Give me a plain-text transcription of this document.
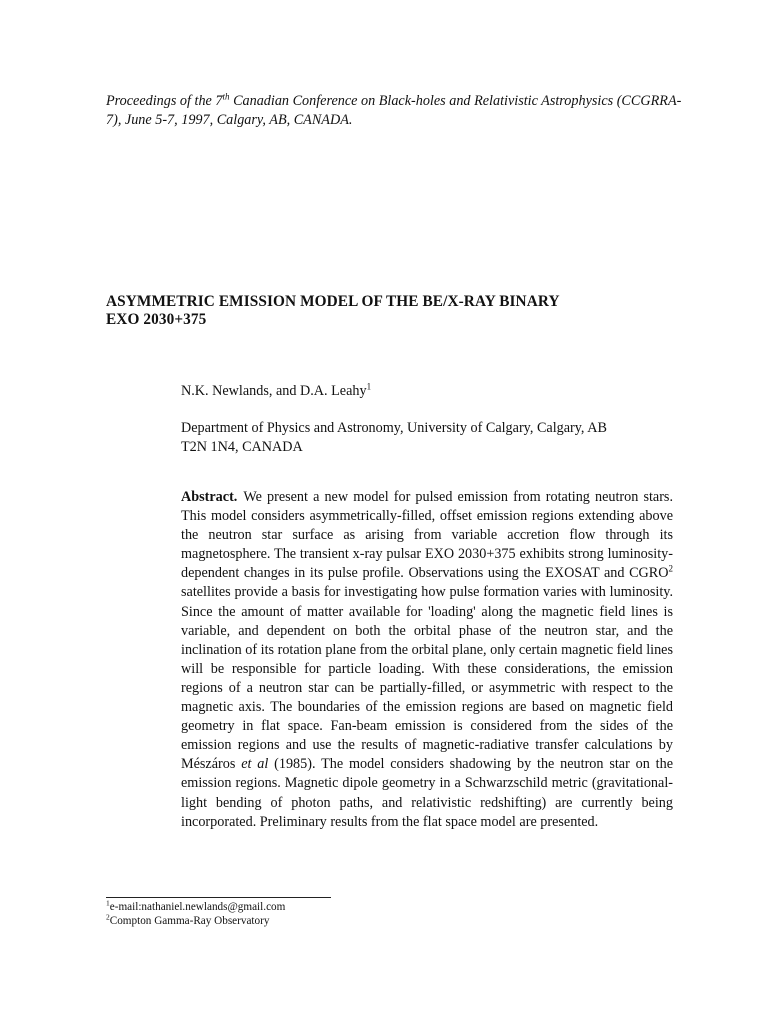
Proceedings of the 7th Canadian Conference on Black-holes and Relativistic Astrophysics (CCGRRA-7), June 5-7, 1997, Calgary, AB, CANADA.
ASYMMETRIC EMISSION MODEL OF THE BE/X-RAY BINARY
EXO 2030+375
N.K. Newlands, and D.A. Leahy$^1$
Department of Physics and Astronomy, University of Calgary, Calgary, AB
T2N 1N4, CANADA
Abstract. We present a new model for pulsed emission from rotating neutron stars. This model considers asymmetrically-filled, offset emission regions extending above the neutron star surface as arising from variable accretion flow through its magnetosphere. The transient x-ray pulsar EXO 2030+375 exhibits strong luminosity-dependent changes in its pulse profile. Observations using the EXOSAT and CGRO$^2$ satellites provide a basis for investigating how pulse formation varies with luminosity. Since the amount of matter available for 'loading' along the magnetic field lines is variable, and dependent on both the orbital phase of the neutron star, and the inclination of its rotation plane from the orbital plane, only certain magnetic field lines will be responsible for particle loading. With these considerations, the emission regions of a neutron star can be partially-filled, or asymmetric with respect to the magnetic axis. The boundaries of the emission regions are based on magnetic field geometry in flat space. Fan-beam emission is considered from the sides of the emission regions and use the results of magnetic-radiative transfer calculations by Mészáros et al (1985). The model considers shadowing by the neutron star on the emission regions. Magnetic dipole geometry in a Schwarzschild metric (gravitational-light bending of photon paths, and relativistic redshifting) are currently being incorporated. Preliminary results from the flat space model are presented.
$^1$e-mail:nathaniel.newlands@gmail.com
$^2$Compton Gamma-Ray Observatory
